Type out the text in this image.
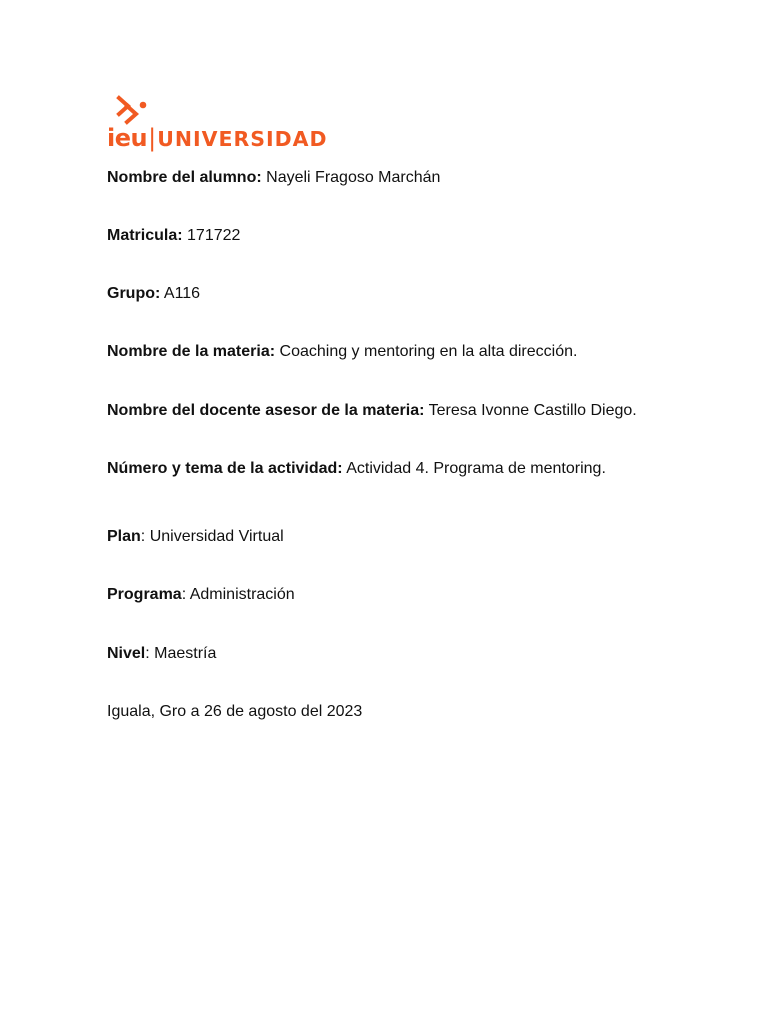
ieu|UNIVERSIDAD
Nombre del alumno: Nayeli Fragoso Marchán
Matricula: 171722
Grupo: A116
Nombre de la materia: Coaching y mentoring en la alta dirección.
Nombre del docente asesor de la materia: Teresa Ivonne Castillo Diego.
Número y tema de la actividad: Actividad 4. Programa de mentoring.
Plan: Universidad Virtual
Programa: Administración
Nivel: Maestría
Iguala, Gro a 26 de agosto del 2023
